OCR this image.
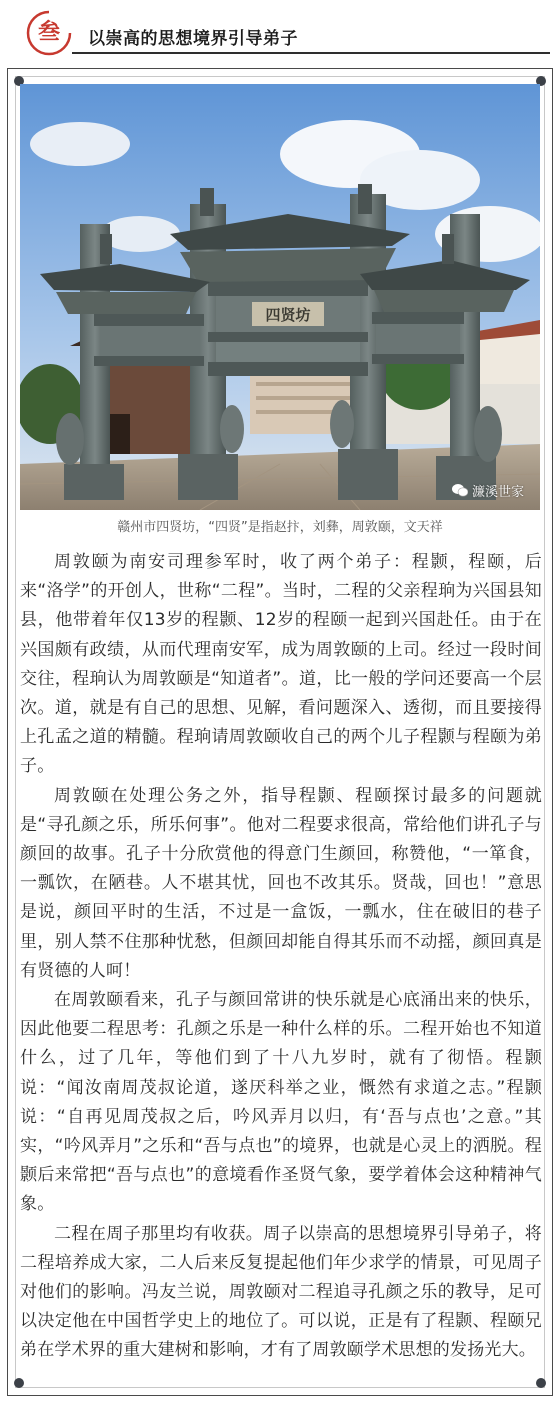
叁	以崇高的思想境界引导弟子
四贤坊
濂溪世家
赣州市四贤坊，“四贤”是指赵抃，刘彝，周敦颐，文天祥

周敦颐为南安司理参军时，收了两个弟子：程颢，程颐，后来“洛学”的开创人，世称“二程”。当时，二程的父亲程珦为兴国县知县，他带着年仅13岁的程颢、12岁的程颐一起到兴国赴任。由于在兴国颇有政绩，从而代理南安军，成为周敦颐的上司。经过一段时间交往，程珦认为周敦颐是“知道者”。道，比一般的学问还要高一个层次。道，就是有自己的思想、见解，看问题深入、透彻，而且要接得上孔孟之道的精髓。程珦请周敦颐收自己的两个儿子程颢与程颐为弟子。

周敦颐在处理公务之外，指导程颢、程颐探讨最多的问题就是“寻孔颜之乐，所乐何事”。他对二程要求很高，常给他们讲孔子与颜回的故事。孔子十分欣赏他的得意门生颜回，称赞他，“一箪食，一瓢饮，在陋巷。人不堪其忧，回也不改其乐。贤哉，回也！”意思是说，颜回平时的生活，不过是一盒饭，一瓢水，住在破旧的巷子里，别人禁不住那种忧愁，但颜回却能自得其乐而不动摇，颜回真是有贤德的人呵！

在周敦颐看来，孔子与颜回常讲的快乐就是心底涌出来的快乐，因此他要二程思考：孔颜之乐是一种什么样的乐。二程开始也不知道什么，过了几年，等他们到了十八九岁时，就有了彻悟。程颢说：“闻汝南周茂叔论道，遂厌科举之业，慨然有求道之志。”程颢说：“自再见周茂叔之后，吟风弄月以归，有‘吾与点也’之意。”其实，“吟风弄月”之乐和“吾与点也”的境界，也就是心灵上的洒脱。程颢后来常把“吾与点也”的意境看作圣贤气象，要学着体会这种精神气象。

二程在周子那里均有收获。周子以崇高的思想境界引导弟子，将二程培养成大家，二人后来反复提起他们年少求学的情景，可见周子对他们的影响。冯友兰说，周敦颐对二程追寻孔颜之乐的教导，足可以决定他在中国哲学史上的地位了。可以说，正是有了程颢、程颐兄弟在学术界的重大建树和影响，才有了周敦颐学术思想的发扬光大。
